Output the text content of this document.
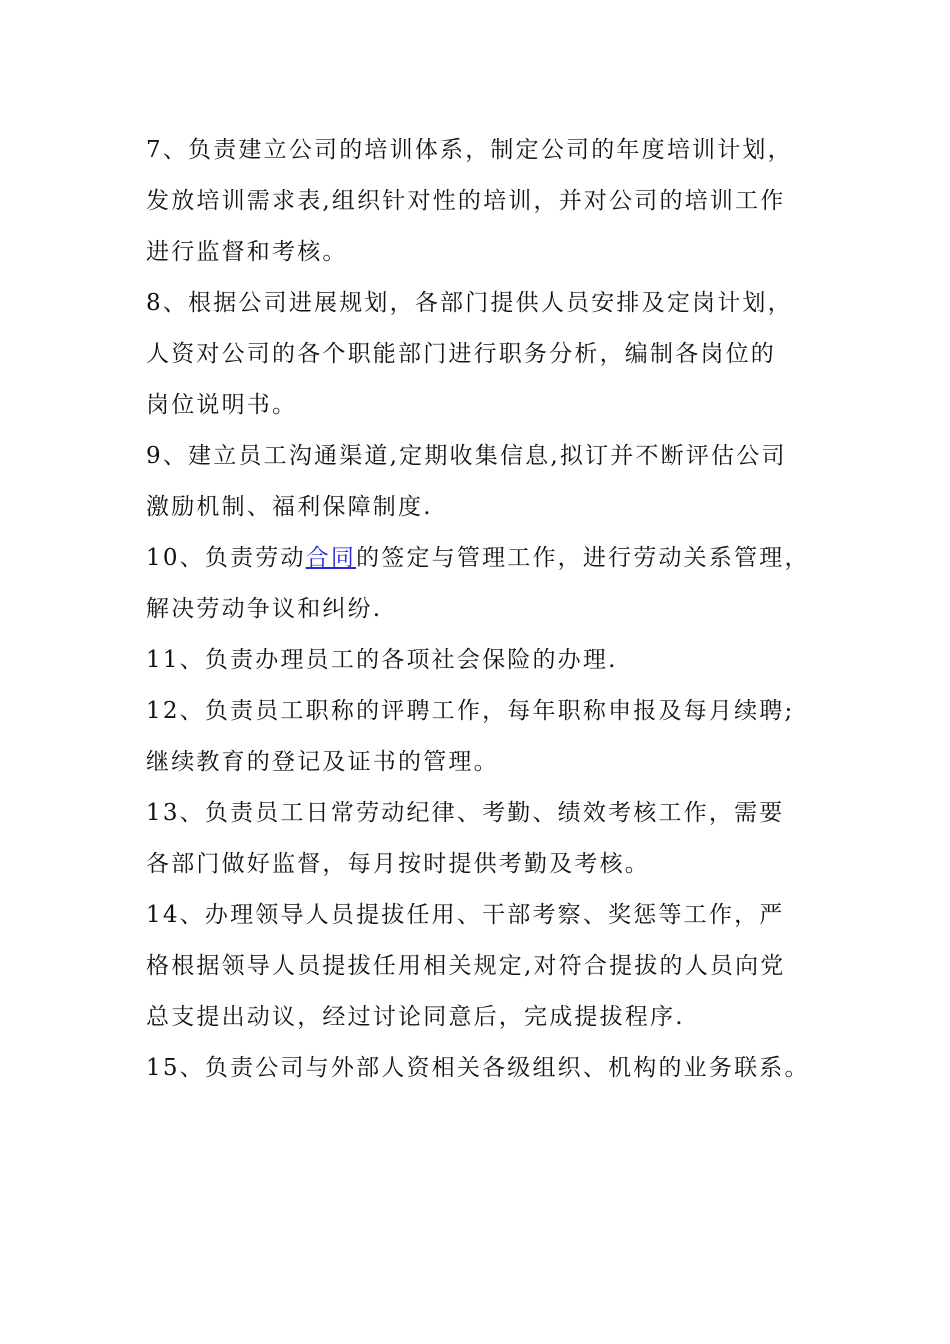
7、负责建立公司的培训体系，制定公司的年度培训计划，
发放培训需求表,组织针对性的培训，并对公司的培训工作
进行监督和考核。
8、根据公司进展规划，各部门提供人员安排及定岗计划，
人资对公司的各个职能部门进行职务分析，编制各岗位的
岗位说明书。
9、建立员工沟通渠道,定期收集信息,拟订并不断评估公司
激励机制、福利保障制度.
10、负责劳动合同的签定与管理工作，进行劳动关系管理，
解决劳动争议和纠纷.
11、负责办理员工的各项社会保险的办理.
12、负责员工职称的评聘工作，每年职称申报及每月续聘;
继续教育的登记及证书的管理。
13、负责员工日常劳动纪律、考勤、绩效考核工作，需要
各部门做好监督，每月按时提供考勤及考核。
14、办理领导人员提拔任用、干部考察、奖惩等工作，严
格根据领导人员提拔任用相关规定,对符合提拔的人员向党
总支提出动议，经过讨论同意后，完成提拔程序.
15、负责公司与外部人资相关各级组织、机构的业务联系。
